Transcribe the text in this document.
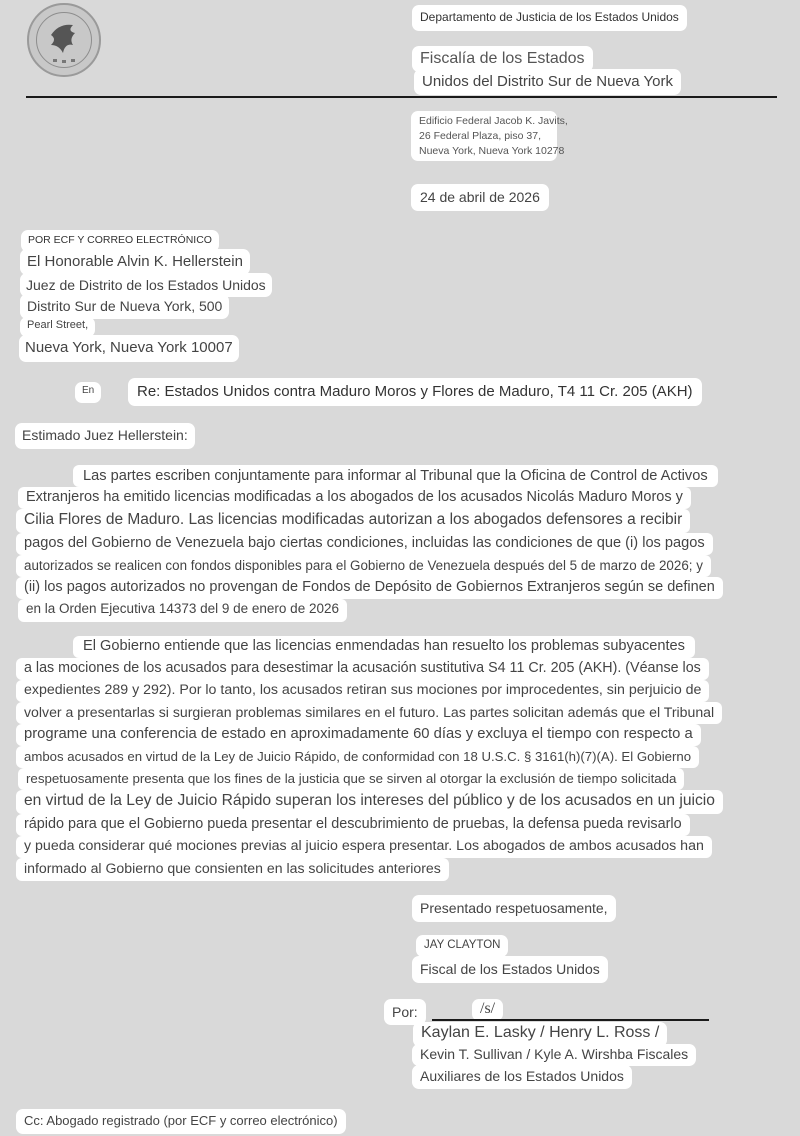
Departamento de Justicia de los Estados Unidos
Fiscalía de los Estados
Unidos del Distrito Sur de Nueva York
Edificio Federal Jacob K. Javits,
26 Federal Plaza, piso 37,
Nueva York, Nueva York 10278
24 de abril de 2026
POR ECF Y CORREO ELECTRÓNICO
El Honorable Alvin K. Hellerstein
Juez de Distrito de los Estados Unidos
Distrito Sur de Nueva York, 500
Pearl Street,
Nueva York, Nueva York 10007
En	Re: Estados Unidos contra Maduro Moros y Flores de Maduro, T4 11 Cr. 205 (AKH)
Estimado Juez Hellerstein:
Las partes escriben conjuntamente para informar al Tribunal que la Oficina de Control de Activos
Extranjeros ha emitido licencias modificadas a los abogados de los acusados Nicolás Maduro Moros y
Cilia Flores de Maduro. Las licencias modificadas autorizan a los abogados defensores a recibir
pagos del Gobierno de Venezuela bajo ciertas condiciones, incluidas las condiciones de que (i) los pagos
autorizados se realicen con fondos disponibles para el Gobierno de Venezuela después del 5 de marzo de 2026; y
(ii) los pagos autorizados no provengan de Fondos de Depósito de Gobiernos Extranjeros según se definen
en la Orden Ejecutiva 14373 del 9 de enero de 2026
El Gobierno entiende que las licencias enmendadas han resuelto los problemas subyacentes
a las mociones de los acusados para desestimar la acusación sustitutiva S4 11 Cr. 205 (AKH). (Véanse los
expedientes 289 y 292). Por lo tanto, los acusados retiran sus mociones por improcedentes, sin perjuicio de
volver a presentarlas si surgieran problemas similares en el futuro. Las partes solicitan además que el Tribunal
programe una conferencia de estado en aproximadamente 60 días y excluya el tiempo con respecto a
ambos acusados en virtud de la Ley de Juicio Rápido, de conformidad con 18 U.S.C. § 3161(h)(7)(A). El Gobierno
respetuosamente presenta que los fines de la justicia que se sirven al otorgar la exclusión de tiempo solicitada
en virtud de la Ley de Juicio Rápido superan los intereses del público y de los acusados en un juicio
rápido para que el Gobierno pueda presentar el descubrimiento de pruebas, la defensa pueda revisarlo
y pueda considerar qué mociones previas al juicio espera presentar. Los abogados de ambos acusados han
informado al Gobierno que consienten en las solicitudes anteriores
Presentado respetuosamente,
JAY CLAYTON
Fiscal de los Estados Unidos
Por:	/s/
Kaylan E. Lasky / Henry L. Ross /
Kevin T. Sullivan / Kyle A. Wirshba Fiscales
Auxiliares de los Estados Unidos
Cc: Abogado registrado (por ECF y correo electrónico)
